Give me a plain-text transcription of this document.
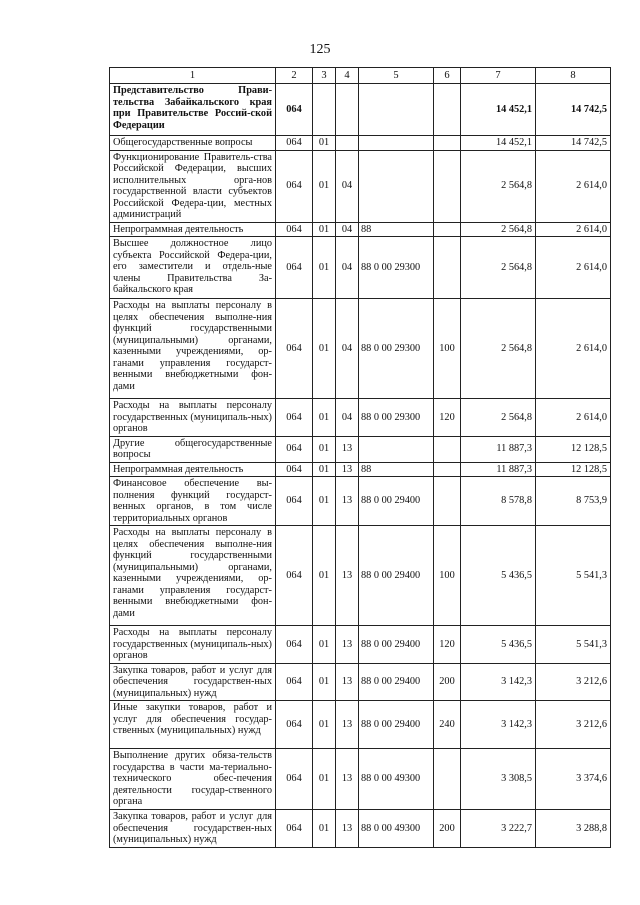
125
1	2	3	4	5	6	7	8
Представительство Прави-тельства Забайкальского края при Правительстве Россий-ской Федерации	064					14 452,1	14 742,5
Общегосударственные вопросы	064	01				14 452,1	14 742,5
Функционирование Правитель-ства Российской Федерации, высших исполнительных орга-нов государственной власти субъектов Российской Федера-ции, местных администраций	064	01	04			2 564,8	2 614,0
Непрограммная деятельность	064	01	04	88		2 564,8	2 614,0
Высшее должностное лицо субъекта Российской Федера-ции, его заместители и отдель-ные члены Правительства За-байкальского края	064	01	04	88 0 00 29300		2 564,8	2 614,0
Расходы на выплаты персоналу в целях обеспечения выполне-ния функций государственными (муниципальными) органами, казенными учреждениями, ор-ганами управления государст-венными внебюджетными фон-дами	064	01	04	88 0 00 29300	100	2 564,8	2 614,0
Расходы на выплаты персоналу государственных (муниципаль-ных) органов	064	01	04	88 0 00 29300	120	2 564,8	2 614,0
Другие общегосударственные вопросы	064	01	13			11 887,3	12 128,5
Непрограммная деятельность	064	01	13	88		11 887,3	12 128,5
Финансовое обеспечение вы-полнения функций государст-венных органов, в том числе территориальных органов	064	01	13	88 0 00 29400		8 578,8	8 753,9
Расходы на выплаты персоналу в целях обеспечения выполне-ния функций государственными (муниципальными) органами, казенными учреждениями, ор-ганами управления государст-венными внебюджетными фон-дами	064	01	13	88 0 00 29400	100	5 436,5	5 541,3
Расходы на выплаты персоналу государственных (муниципаль-ных) органов	064	01	13	88 0 00 29400	120	5 436,5	5 541,3
Закупка товаров, работ и услуг для обеспечения государствен-ных (муниципальных) нужд	064	01	13	88 0 00 29400	200	3 142,3	3 212,6
Иные закупки товаров, работ и услуг для обеспечения государ-ственных (муниципальных) нужд	064	01	13	88 0 00 29400	240	3 142,3	3 212,6
Выполнение других обяза-тельств государства в части ма-териально-технического обес-печения деятельности государ-ственного органа	064	01	13	88 0 00 49300		3 308,5	3 374,6
Закупка товаров, работ и услуг для обеспечения государствен-ных (муниципальных) нужд	064	01	13	88 0 00 49300	200	3 222,7	3 288,8
